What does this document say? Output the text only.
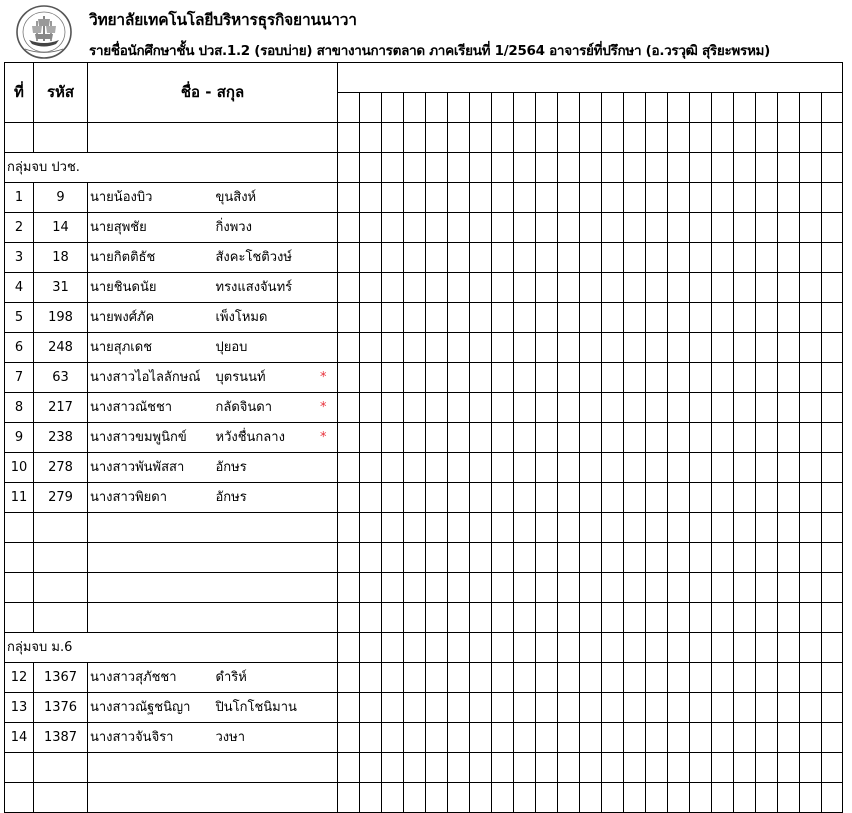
วิทยาลัยเทคโนโลยีบริหารธุรกิจยานนาวา
รายชื่อนักศึกษาชั้น ปวส.1.2 (รอบบ่าย) สาขางานการตลาด ภาคเรียนที่ 1/2564 อาจารย์ที่ปรึกษา (อ.วรวุฒิ สุริยะพรหม)
ที่	รหัส	ชื่อ - สกุล																									

กลุ่มจบ ปวช.																											
1	9	นายน้องบิว	ขุนสิงห์																								
2	14	นายสุพชัย	กิ่งพวง																								
3	18	นายกิตติธัช	สังคะโชติวงษ์																								
4	31	นายชินดนัย	ทรงแสงจันทร์																								
5	198	นายพงศ์ภัค	เพ็งโหมด																								
6	248	นายสุภเดช	ปุยอบ																								
7	63	นางสาวไอไลลักษณ์	บุตรนนท์	*																							
8	217	นางสาวณัชชา	กลัดจินดา	*																							
9	238	นางสาวขมพูนิกข์	หวังชื่นกลาง	*																							
10	278	นางสาวพันพัสสา	อักษร																								
11	279	นางสาวพิยดา	อักษร																								

กลุ่มจบ ม.6																											
12	1367	นางสาวสุภัชชา	ดำริห์																								
13	1376	นางสาวณัฐชนิญา	ปินโกโชนิมาน																								
14	1387	นางสาวจันจิรา	วงษา																								
